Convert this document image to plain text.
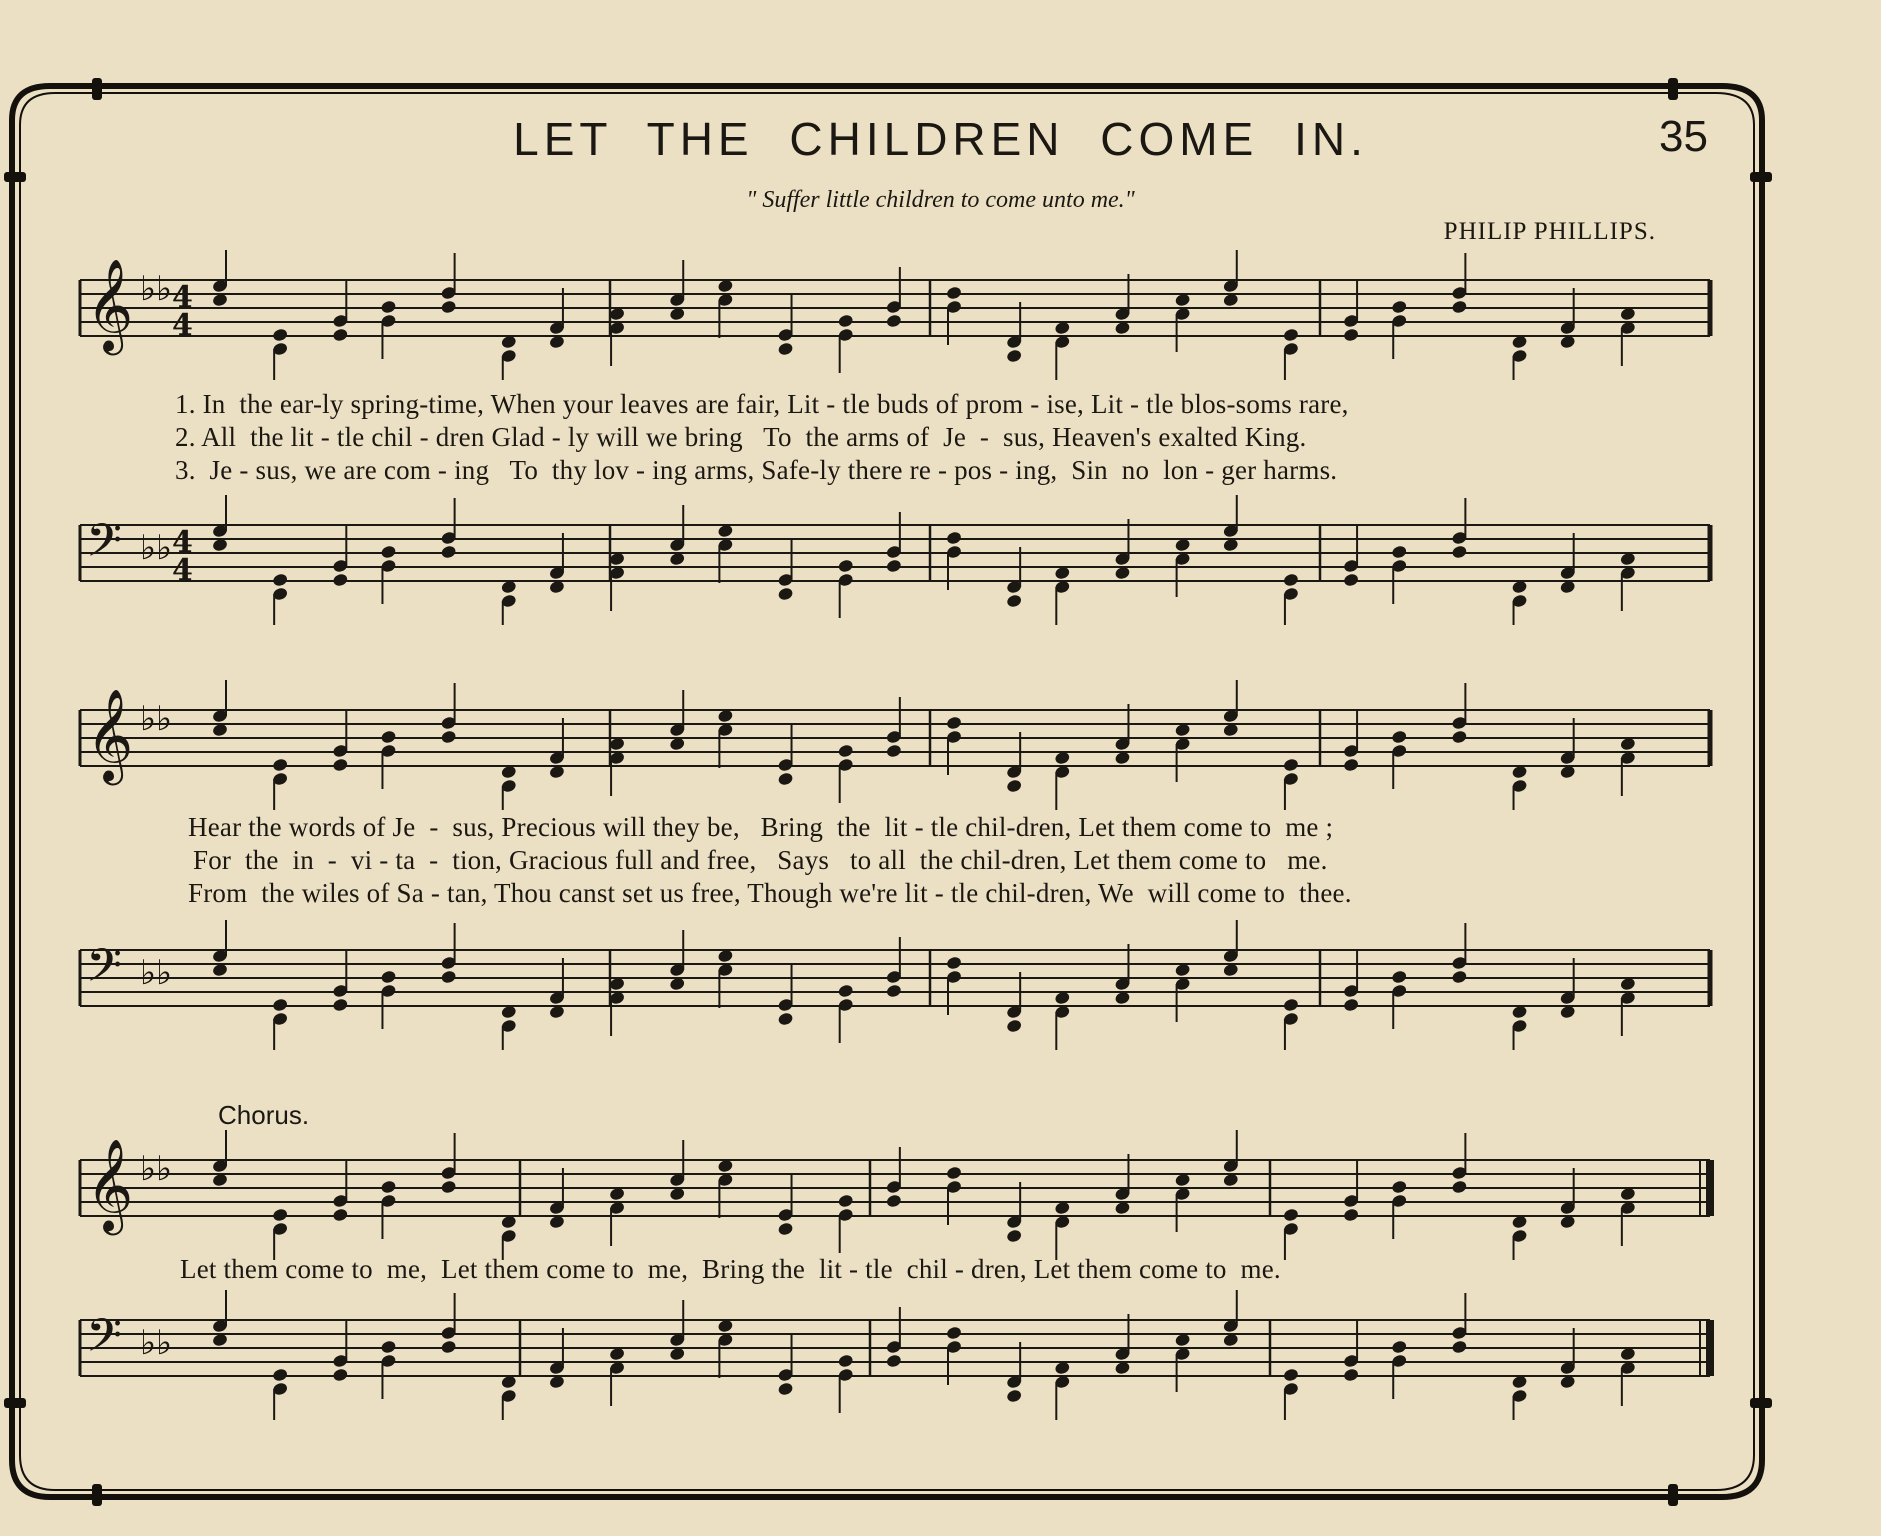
LET THE CHILDREN COME IN.	35
" Suffer little children to come unto me."
PHILIP PHILLIPS.
𝄞 ♭♭ 4
4
1. In  the ear-ly spring-time, When your leaves are fair, Lit - tle buds of prom - ise, Lit - tle blos-soms rare,
2. All  the lit - tle chil - dren Glad - ly will we bring   To  the arms of  Je  -  sus, Heaven's exalted King.
3.  Je - sus, we are com - ing   To  thy lov - ing arms, Safe-ly there re - pos - ing,  Sin  no  lon - ger harms.
𝄢 ♭♭ 4
4
𝄞 ♭♭
Hear the words of Je  -  sus, Precious will they be,   Bring  the  lit - tle chil-dren, Let them come to  me ;
For  the  in  -  vi - ta  -  tion, Gracious full and free,   Says   to all  the chil-dren, Let them come to   me.
From  the wiles of Sa - tan, Thou canst set us free, Though we're lit - tle chil-dren, We  will come to  thee.
𝄢 ♭♭
Chorus.
𝄞 ♭♭
Let them come to  me,  Let them come to  me,  Bring the  lit - tle  chil - dren, Let them come to  me.
𝄢 ♭♭
